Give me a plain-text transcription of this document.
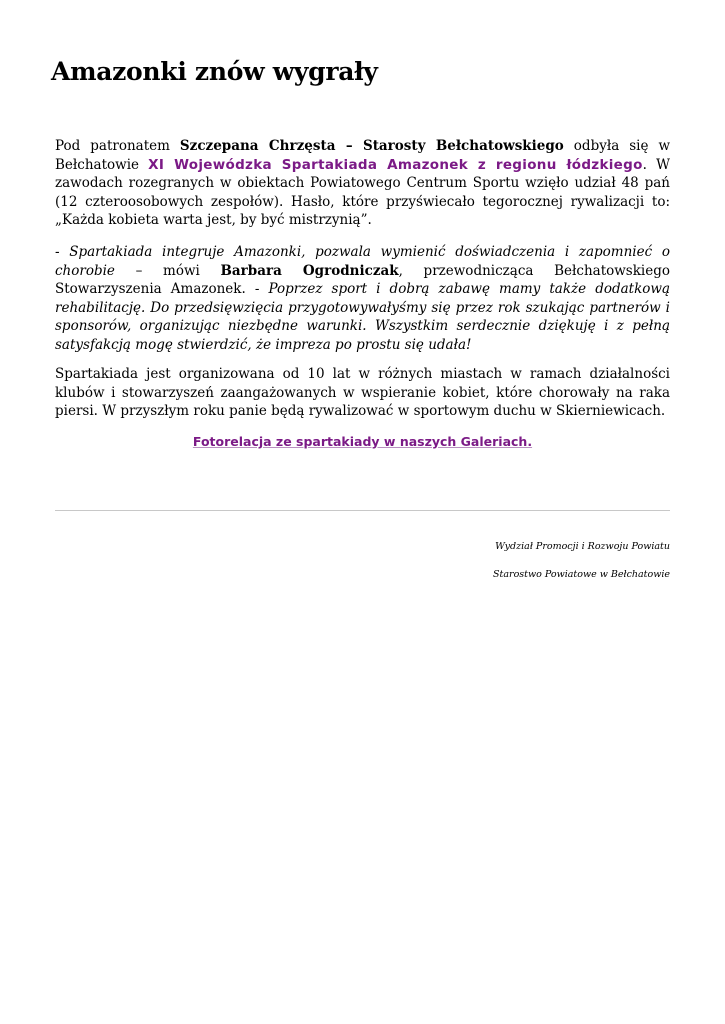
Amazonki znów wygrały

Pod patronatem Szczepana Chrzęsta – Starosty Bełchatowskiego odbyła się w Bełchatowie XI Wojewódzka Spartakiada Amazonek z regionu łódzkiego. W zawodach rozegranych w obiektach Powiatowego Centrum Sportu wzięło udział 48 pań (12 czteroosobowych zespołów). Hasło, które przyświecało tegorocznej rywalizacji to: „Każda kobieta warta jest, by być mistrzynią”.

- Spartakiada integruje Amazonki, pozwala wymienić doświadczenia i zapomnieć o chorobie – mówi Barbara Ogrodniczak, przewodnicząca Bełchatowskiego Stowarzyszenia Amazonek. - Poprzez sport i dobrą zabawę mamy także dodatkową rehabilitację. Do przedsięwzięcia przygotowywałyśmy się przez rok szukając partnerów i sponsorów, organizując niezbędne warunki. Wszystkim serdecznie dziękuję i z pełną satysfakcją mogę stwierdzić, że impreza po prostu się udała!

Spartakiada jest organizowana od 10 lat w różnych miastach w ramach działalności klubów i stowarzyszeń zaangażowanych w wspieranie kobiet, które chorowały na raka piersi. W przyszłym roku panie będą rywalizować w sportowym duchu w Skierniewicach.

Fotorelacja ze spartakiady w naszych Galeriach.
Wydział Promocji i Rozwoju Powiatu
Starostwo Powiatowe w Bełchatowie
